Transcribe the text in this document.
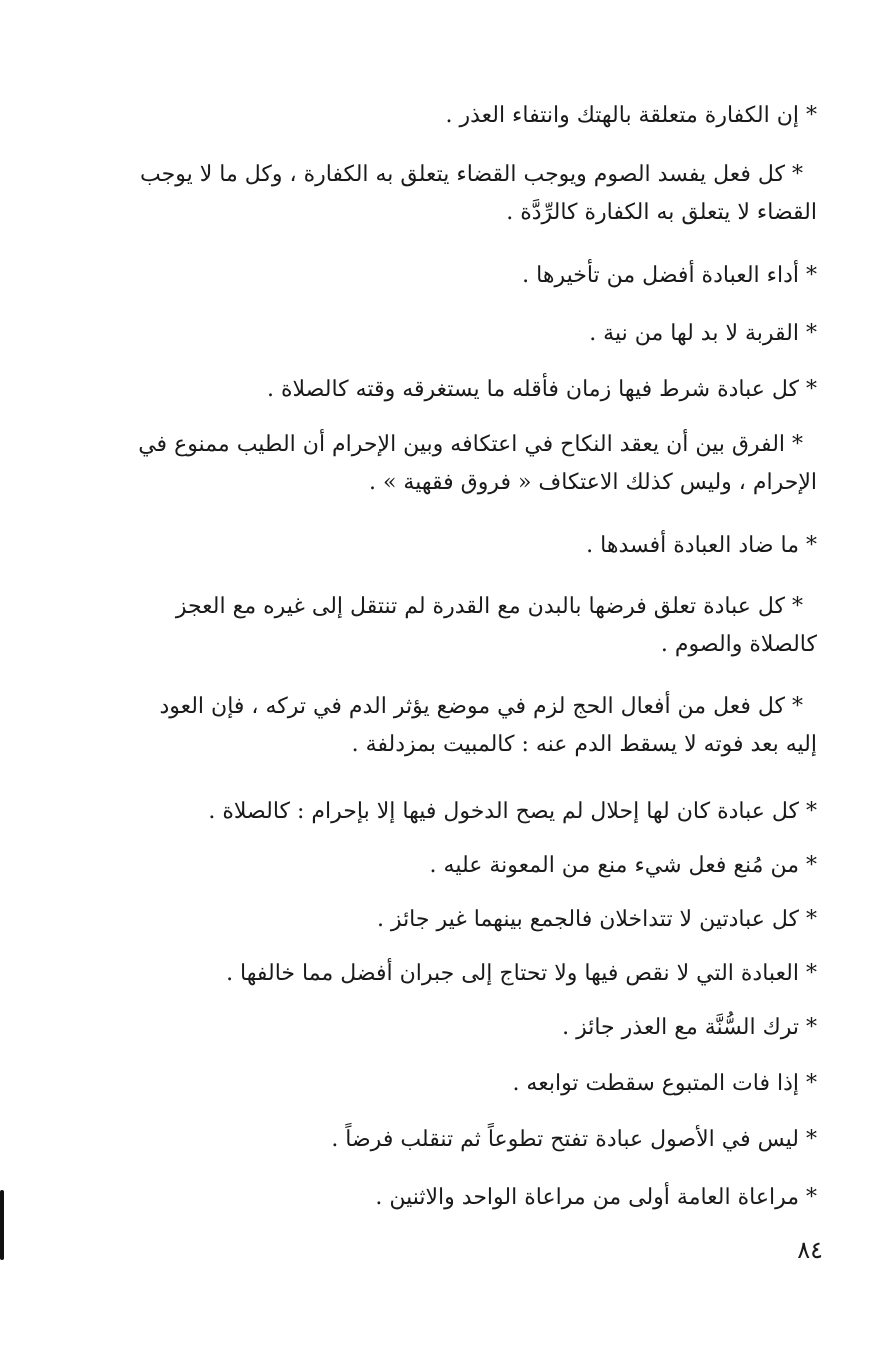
* إن الكفارة متعلقة بالهتك وانتفاء العذر .
* كل فعل يفسد الصوم ويوجب القضاء يتعلق به الكفارة ، وكل ما لا يوجب
القضاء لا يتعلق به الكفارة كالرِّدَّة .
* أداء العبادة أفضل من تأخيرها .
* القربة لا بد لها من نية .
* كل عبادة شرط فيها زمان فأقله ما يستغرقه وقته كالصلاة .
* الفرق بين أن يعقد النكاح في اعتكافه وبين الإحرام أن الطيب ممنوع في
الإحرام ، وليس كذلك الاعتكاف « فروق فقهية » .
* ما ضاد العبادة أفسدها .
* كل عبادة تعلق فرضها بالبدن مع القدرة لم تنتقل إلى غيره مع العجز
كالصلاة والصوم .
* كل فعل من أفعال الحج لزم في موضع يؤثر الدم في تركه ، فإن العود
إليه بعد فوته لا يسقط الدم عنه : كالمبيت بمزدلفة .
* كل عبادة كان لها إحلال لم يصح الدخول فيها إلا بإحرام : كالصلاة .
* من مُنع فعل شيء منع من المعونة عليه .
* كل عبادتين لا تتداخلان فالجمع بينهما غير جائز .
* العبادة التي لا نقص فيها ولا تحتاج إلى جبران أفضل مما خالفها .
* ترك السُّنَّة مع العذر جائز .
* إذا فات المتبوع سقطت توابعه .
* ليس في الأصول عبادة تفتح تطوعاً ثم تنقلب فرضاً .
* مراعاة العامة أولى من مراعاة الواحد والاثنين .
٨٤
